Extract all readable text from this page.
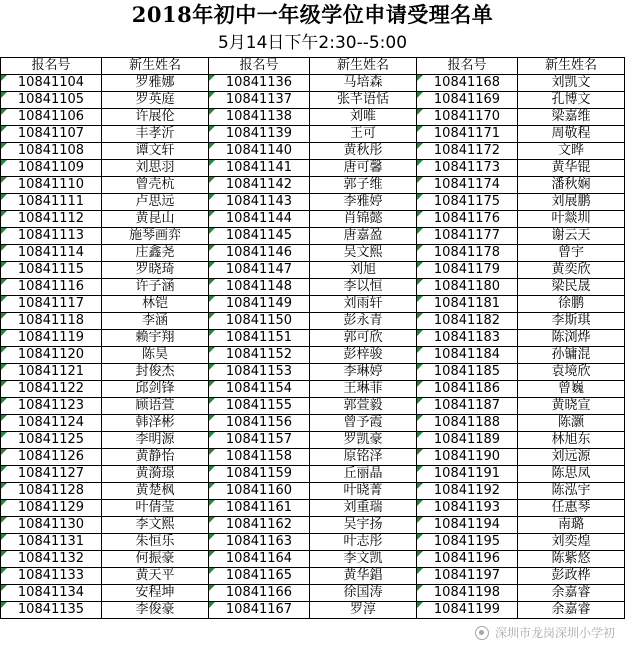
2018年初中一年级学位申请受理名单
5月14日下午2:30--5:00
报名号	新生姓名	报名号	新生姓名	报名号	新生姓名
10841104	罗雅娜	10841136	马培森	10841168	刘凯文
10841105	罗英庭	10841137	张芊语恬	10841169	孔博文
10841106	许展伦	10841138	刘唯	10841170	梁嘉维
10841107	丰孝沂	10841139	王可	10841171	周敬程
10841108	谭文轩	10841140	黄秋彤	10841172	文晔
10841109	刘思羽	10841141	唐可馨	10841173	黄华锟
10841110	曾壳杭	10841142	郭子维	10841174	潘秋娴
10841111	卢思远	10841143	李雅婷	10841175	刘展鹏
10841112	黄昆山	10841144	肖锦懿	10841176	叶燚圳
10841113	施琴画弈	10841145	唐嘉盈	10841177	谢云天
10841114	庄鑫尧	10841146	吴文熙	10841178	曾宇
10841115	罗晓琦	10841147	刘旭	10841179	黄奕欣
10841116	许子涵	10841148	李以恒	10841180	梁民晟
10841117	林铠	10841149	刘雨轩	10841181	徐鹏
10841118	李涵	10841150	彭永青	10841182	李斯琪
10841119	赖宇翔	10841151	郭可欣	10841183	陈浏烨
10841120	陈昊	10841152	彭梓骏	10841184	孙镛混
10841121	封俊杰	10841153	李琳婷	10841185	袁境欣
10841122	邱剑锋	10841154	王琳菲	10841186	曾巍
10841123	顾语萱	10841155	郭萱毅	10841187	黄晓宣
10841124	韩泽彬	10841156	曾予霞	10841188	陈灏
10841125	李明源	10841157	罗凯豪	10841189	林旭东
10841126	黄静怡	10841158	原铭泽	10841190	刘远源
10841127	黄漪璟	10841159	丘丽晶	10841191	陈思凤
10841128	黄楚枫	10841160	叶晓菁	10841192	陈泓宇
10841129	叶倩莹	10841161	刘重瑞	10841193	任惠琴
10841130	李文熙	10841162	吴宇扬	10841194	南璐
10841131	朱恒乐	10841163	叶志彤	10841195	刘奕煌
10841132	何振豪	10841164	李文凯	10841196	陈紫悠
10841133	黄天平	10841165	黄华錩	10841197	彭政桦
10841134	安程坤	10841166	徐国涛	10841198	余嘉睿
10841135	李俊豪	10841167	罗淳	10841199	余嘉睿
深圳市龙岗深圳小学初
